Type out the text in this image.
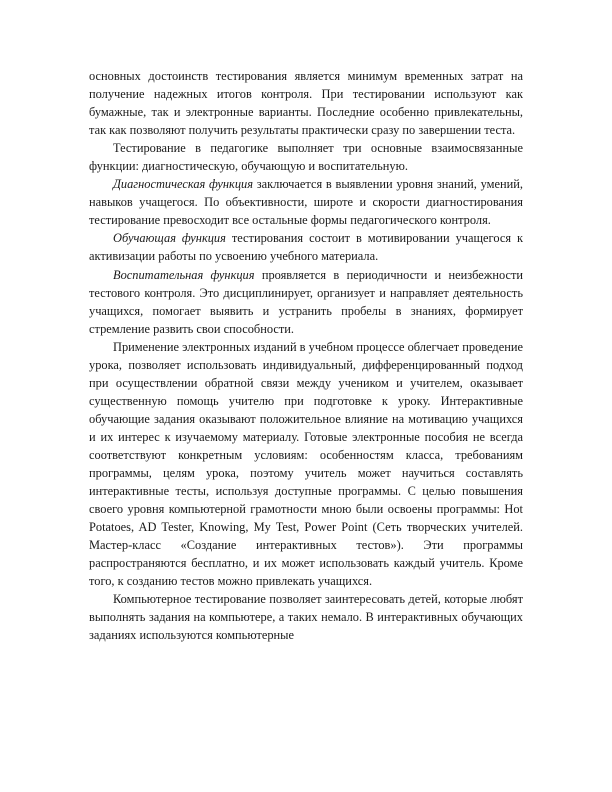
основных достоинств тестирования является минимум временных затрат на получение надежных итогов контроля. При тестировании используют как бумажные, так и электронные варианты. Последние особенно привлекательны, так как позволяют получить результаты практически сразу по завершении теста.

Тестирование в педагогике выполняет три основные взаимосвязанные функции: диагностическую, обучающую и воспитательную.

Диагностическая функция заключается в выявлении уровня знаний, умений, навыков учащегося. По объективности, широте и скорости диагностирования тестирование превосходит все остальные формы педагогического контроля.

Обучающая функция тестирования состоит в мотивировании учащегося к активизации работы по усвоению учебного материала.

Воспитательная функция проявляется в периодичности и неизбежности тестового контроля. Это дисциплинирует, организует и направляет деятельность учащихся, помогает выявить и устранить пробелы в знаниях, формирует стремление развить свои способности.

Применение электронных изданий в учебном процессе облегчает проведение урока, позволяет использовать индивидуальный, дифференцированный подход при осуществлении обратной связи между учеником и учителем, оказывает существенную помощь учителю при подготовке к уроку. Интерактивные обучающие задания оказывают положительное влияние на мотивацию учащихся и их интерес к изучаемому материалу. Готовые электронные пособия не всегда соответствуют конкретным условиям: особенностям класса, требованиям программы, целям урока, поэтому учитель может научиться составлять интерактивные тесты, используя доступные программы. С целью повышения своего уровня компьютерной грамотности мною были освоены программы: Hot Potatoes, AD Tester, Knowing, My Test, Power Point (Сеть творческих учителей. Мастер-класс «Создание интерактивных тестов»). Эти программы распространяются бесплатно, и их может использовать каждый учитель. Кроме того, к созданию тестов можно привлекать учащихся.

Компьютерное тестирование позволяет заинтересовать детей, которые любят выполнять задания на компьютере, а таких немало. В интерактивных обучающих заданиях используются компьютерные
